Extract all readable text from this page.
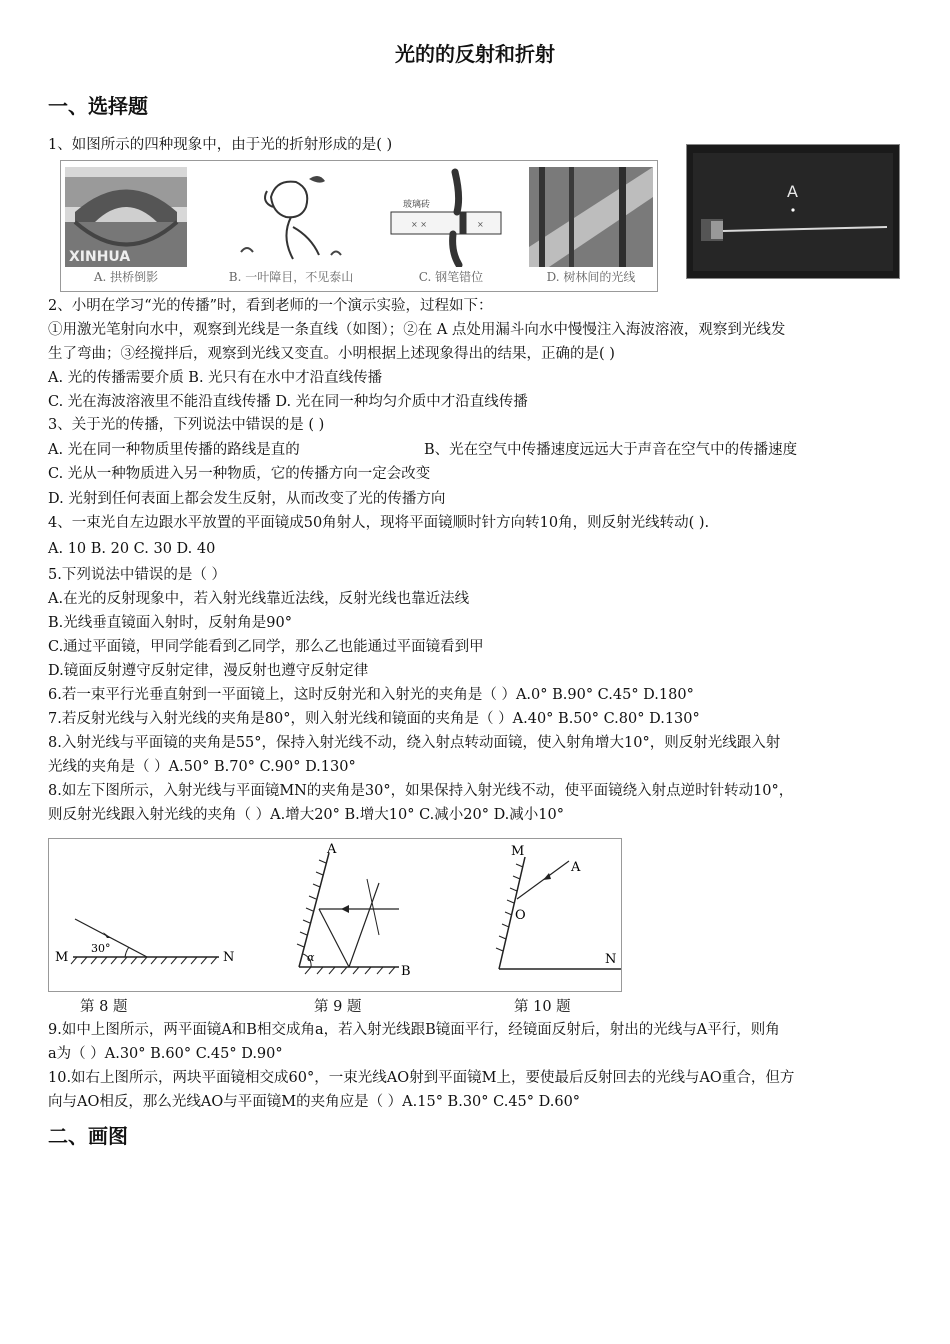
光的的反射和折射
一、选择题
1、如图所示的四种现象中，由于光的折射形成的是( )
XINHUA
A. 拱桥倒影	B. 一叶障目，不见泰山
玻璃砖
× ×	×
C. 钢笔错位	D. 树林间的光线
A
2、小明在学习“光的传播”时，看到老师的一个演示实验，过程如下：
①用激光笔射向水中，观察到光线是一条直线（如图）；②在 A 点处用漏斗向水中慢慢注入海波溶液，观察到光线发
生了弯曲；③经搅拌后，观察到光线又变直。小明根据上述现象得出的结果，正确的是( )
A. 光的传播需要介质 B. 光只有在水中才沿直线传播
C. 光在海波溶液里不能沿直线传播 D. 光在同一种均匀介质中才沿直线传播
3、关于光的传播，下列说法中错误的是 ( )
A. 光在同一种物质里传播的路线是直的	B、光在空气中传播速度远远大于声音在空气中的传播速度
C. 光从一种物质进入另一种物质，它的传播方向一定会改变
D. 光射到任何表面上都会发生反射，从而改变了光的传播方向
4、一束光自左边跟水平放置的平面镜成50角射人，现将平面镜顺时针方向转10角，则反射光线转动( ).
A. 10 B. 20 C. 30 D. 40
5.下列说法中错误的是（ ）
A.在光的反射现象中，若入射光线靠近法线，反射光线也靠近法线
B.光线垂直镜面入射时，反射角是90°
C.通过平面镜，甲同学能看到乙同学，那么乙也能通过平面镜看到甲
D.镜面反射遵守反射定律，漫反射也遵守反射定律
6.若一束平行光垂直射到一平面镜上，这时反射光和入射光的夹角是（ ）A.0° B.90° C.45° D.180°
7.若反射光线与入射光线的夹角是80°，则入射光线和镜面的夹角是（ ）A.40° B.50° C.80° D.130°
8.入射光线与平面镜的夹角是55°，保持入射光线不动，绕入射点转动面镜，使入射角增大10°，则反射光线跟入射
光线的夹角是（ ）A.50° B.70° C.90° D.130°
8.如左下图所示，入射光线与平面镜MN的夹角是30°，如果保持入射光线不动，使平面镜绕入射点逆时针转动10°，
则反射光线跟入射光线的夹角（ ）A.增大20° B.增大10° C.减小20° D.减小10°
M	N
30°
A
B
α
M
A
O
N
第 8 题	第 9 题	第 10 题
9.如中上图所示，两平面镜A和B相交成角a，若入射光线跟B镜面平行，经镜面反射后，射出的光线与A平行，则角
a为（ ）A.30° B.60° C.45° D.90°
10.如右上图所示，两块平面镜相交成60°，一束光线AO射到平面镜M上，要使最后反射回去的光线与AO重合，但方
向与AO相反，那么光线AO与平面镜M的夹角应是（ ）A.15° B.30° C.45° D.60°
二、画图
